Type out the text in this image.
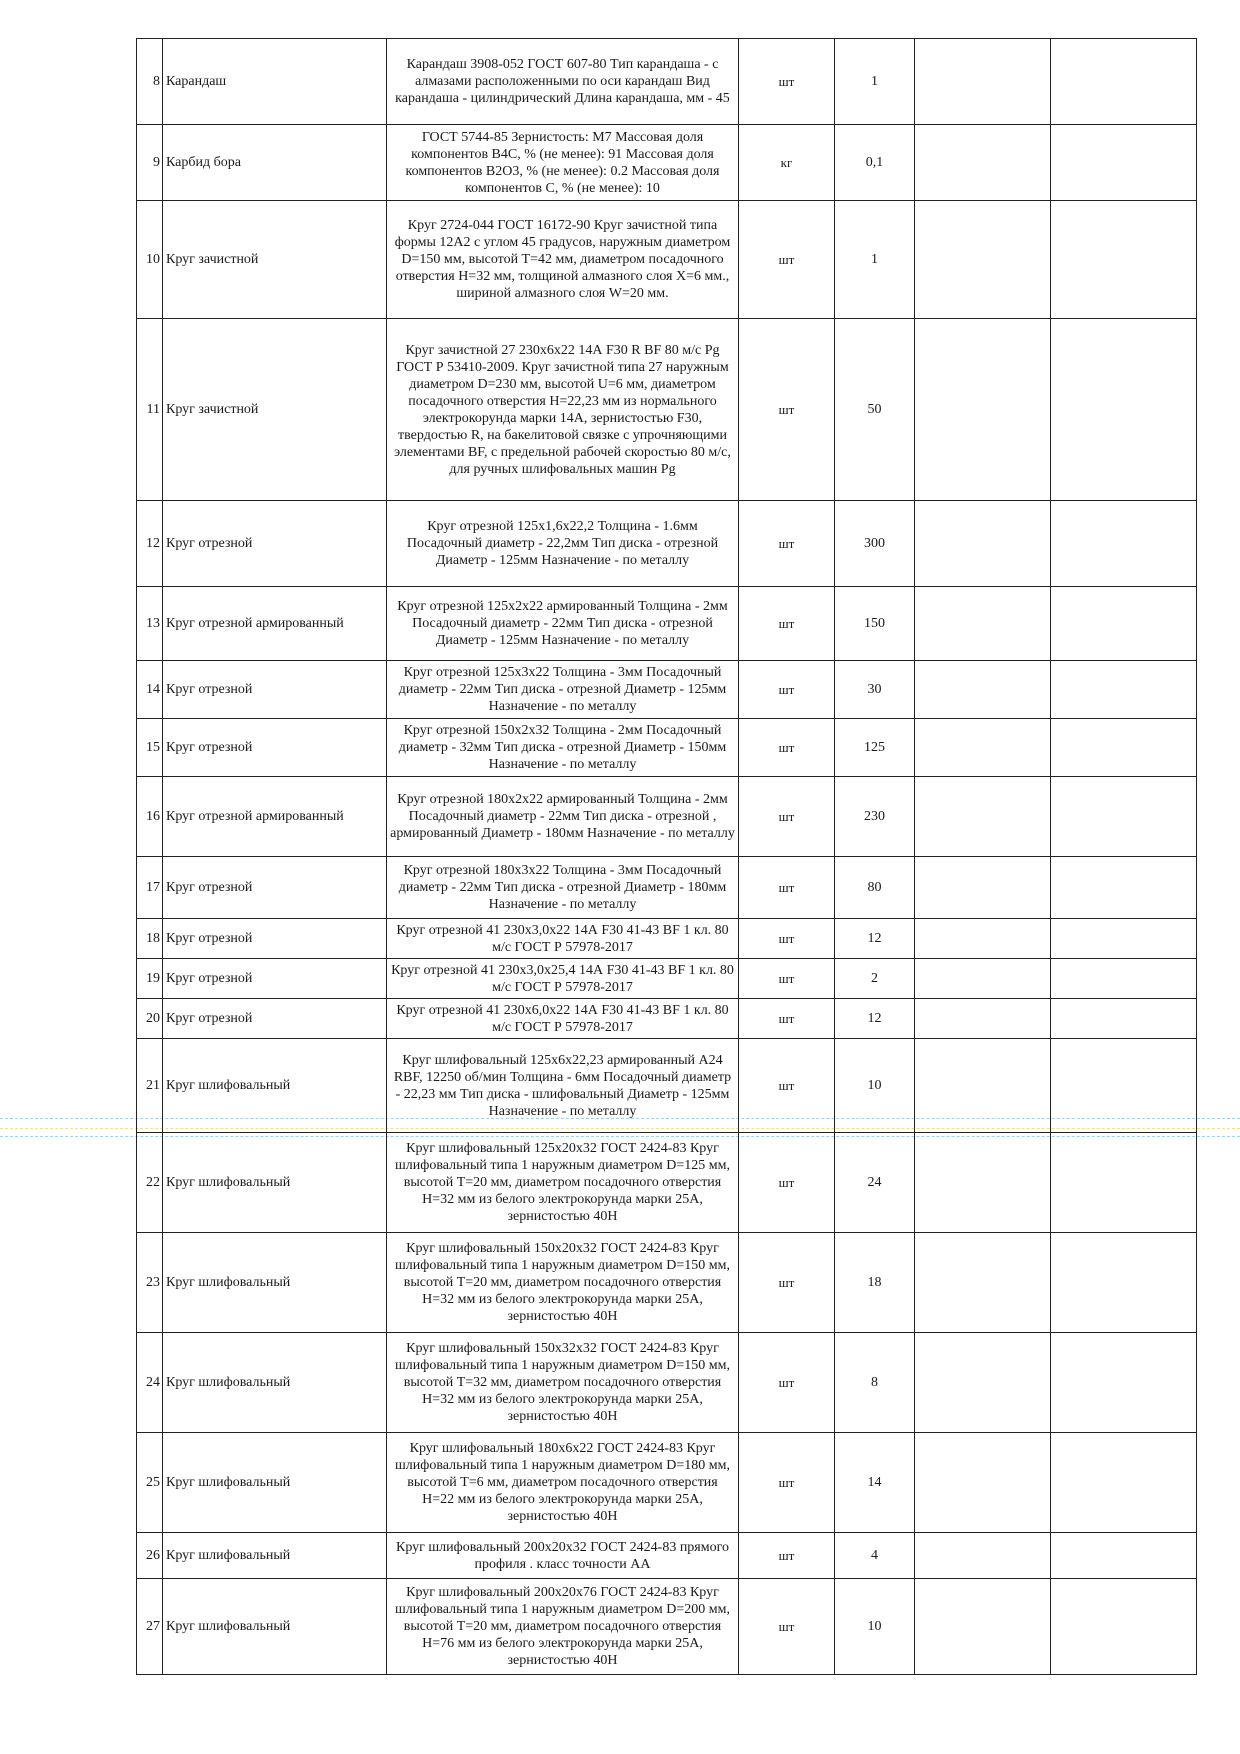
8	Карандаш	Карандаш 3908-052 ГОСТ 607-80 Тип карандаша - с алмазами расположенными по оси карандаш Вид карандаша - цилиндрический Длина карандаша, мм - 45	шт	1		
9	Карбид бора	ГОСТ 5744-85 Зернистость: М7 Массовая доля компонентов В4С, % (не менее): 91 Массовая доля компонентов В2О3, % (не менее): 0.2 Массовая доля компонентов С, % (не менее): 10	кг	0,1		
10	Круг зачистной	Круг 2724-044 ГОСТ 16172-90 Круг зачистной типа формы 12А2 с углом 45 градусов, наружным диаметром D=150 мм, высотой Т=42 мм, диаметром посадочного отверстия Н=32 мм, толщиной алмазного слоя Х=6 мм., шириной алмазного слоя W=20 мм.	шт	1		
11	Круг зачистной	Круг зачистной 27 230х6х22 14А F30 R BF 80 м/с Pg ГОСТ Р 53410-2009. Круг зачистной типа 27 наружным диаметром D=230 мм, высотой U=6 мм, диаметром посадочного отверстия Н=22,23 мм из нормального электрокорунда марки 14А, зернистостью F30, твердостью R, на бакелитовой связке с упрочняющими элементами BF, с предельной рабочей скоростью 80 м/с, для ручных шлифовальных машин Pg	шт	50		
12	Круг отрезной	Круг отрезной 125х1,6х22,2 Толщина - 1.6мм Посадочный диаметр - 22,2мм Тип диска - отрезной Диаметр - 125мм Назначение - по металлу	шт	300		
13	Круг отрезной армированный	Круг отрезной 125х2х22 армированный Толщина - 2мм Посадочный диаметр - 22мм Тип диска - отрезной Диаметр - 125мм Назначение - по металлу	шт	150		
14	Круг отрезной	Круг отрезной 125х3х22 Толщина - 3мм Посадочный диаметр - 22мм Тип диска - отрезной Диаметр - 125мм Назначение - по металлу	шт	30		
15	Круг отрезной	Круг отрезной 150х2х32 Толщина - 2мм Посадочный диаметр - 32мм Тип диска - отрезной Диаметр - 150мм Назначение - по металлу	шт	125		
16	Круг отрезной армированный	Круг отрезной 180х2х22 армированный Толщина - 2мм Посадочный диаметр - 22мм Тип диска - отрезной , армированный Диаметр - 180мм Назначение - по металлу	шт	230		
17	Круг отрезной	Круг отрезной 180х3х22 Толщина - 3мм Посадочный диаметр - 22мм Тип диска - отрезной Диаметр - 180мм Назначение - по металлу	шт	80		
18	Круг отрезной	Круг отрезной 41 230х3,0х22 14А F30 41-43 BF 1 кл. 80 м/с ГОСТ Р 57978-2017	шт	12		
19	Круг отрезной	Круг отрезной 41 230х3,0х25,4 14А F30 41-43 BF 1 кл. 80 м/с ГОСТ Р 57978-2017	шт	2		
20	Круг отрезной	Круг отрезной 41 230х6,0х22 14А F30 41-43 BF 1 кл. 80 м/с ГОСТ Р 57978-2017	шт	12		
21	Круг шлифовальный	Круг шлифовальный 125х6х22,23 армированный А24 RBF, 12250 об/мин Толщина - 6мм Посадочный диаметр - 22,23 мм Тип диска - шлифовальный Диаметр - 125мм Назначение - по металлу	шт	10		
22	Круг шлифовальный	Круг шлифовальный 125х20х32 ГОСТ 2424-83 Круг шлифовальный типа 1 наружным диаметром D=125 мм, высотой Т=20 мм, диаметром посадочного отверстия Н=32 мм из белого электрокорунда марки 25А, зернистостью 40Н	шт	24		
23	Круг шлифовальный	Круг шлифовальный 150х20х32 ГОСТ 2424-83 Круг шлифовальный типа 1 наружным диаметром D=150 мм, высотой Т=20 мм, диаметром посадочного отверстия Н=32 мм из белого электрокорунда марки 25А, зернистостью 40Н	шт	18		
24	Круг шлифовальный	Круг шлифовальный 150х32х32 ГОСТ 2424-83 Круг шлифовальный типа 1 наружным диаметром D=150 мм, высотой Т=32 мм, диаметром посадочного отверстия Н=32 мм из белого электрокорунда марки 25А, зернистостью 40Н	шт	8		
25	Круг шлифовальный	Круг шлифовальный 180х6х22 ГОСТ 2424-83 Круг шлифовальный типа 1 наружным диаметром D=180 мм, высотой Т=6 мм, диаметром посадочного отверстия Н=22 мм из белого электрокорунда марки 25А, зернистостью 40Н	шт	14		
26	Круг шлифовальный	Круг шлифовальный 200х20х32 ГОСТ 2424-83 прямого профиля . класс точности АА	шт	4		
27	Круг шлифовальный	Круг шлифовальный 200х20х76 ГОСТ 2424-83 Круг шлифовальный типа 1 наружным диаметром D=200 мм, высотой Т=20 мм, диаметром посадочного отверстия Н=76 мм из белого электрокорунда марки 25А, зернистостью 40Н	шт	10		
